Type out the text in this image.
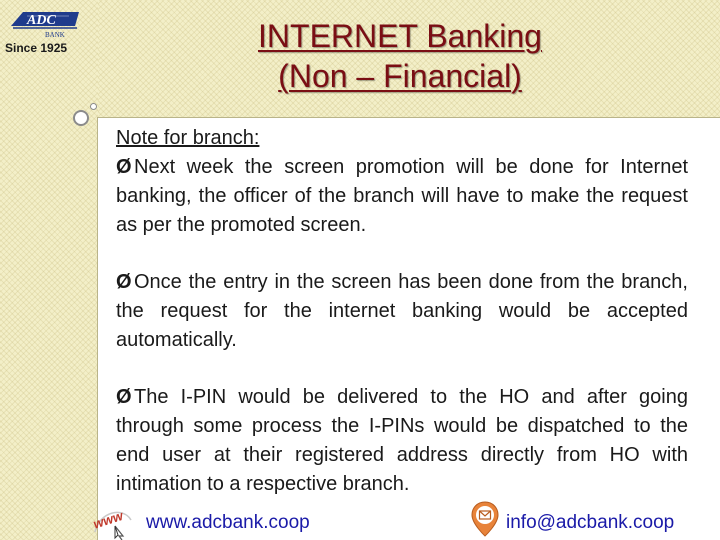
ADC
BANK
Since 1925	INTERNET Banking
(Non – Financial)
Note for branch:

Ø Next week the screen promotion will be done for Internet banking, the officer of the branch will have to make the request as per the promoted screen.

Ø Once the entry in the screen has been done from the branch, the request for the internet banking would be accepted automatically.

Ø The I-PIN would be delivered to the HO and after going through some process the I-PINs would be dispatched to the end user at their registered address directly from HO with intimation to a respective branch.

www www.adcbank.coop	info@adcbank.coop
